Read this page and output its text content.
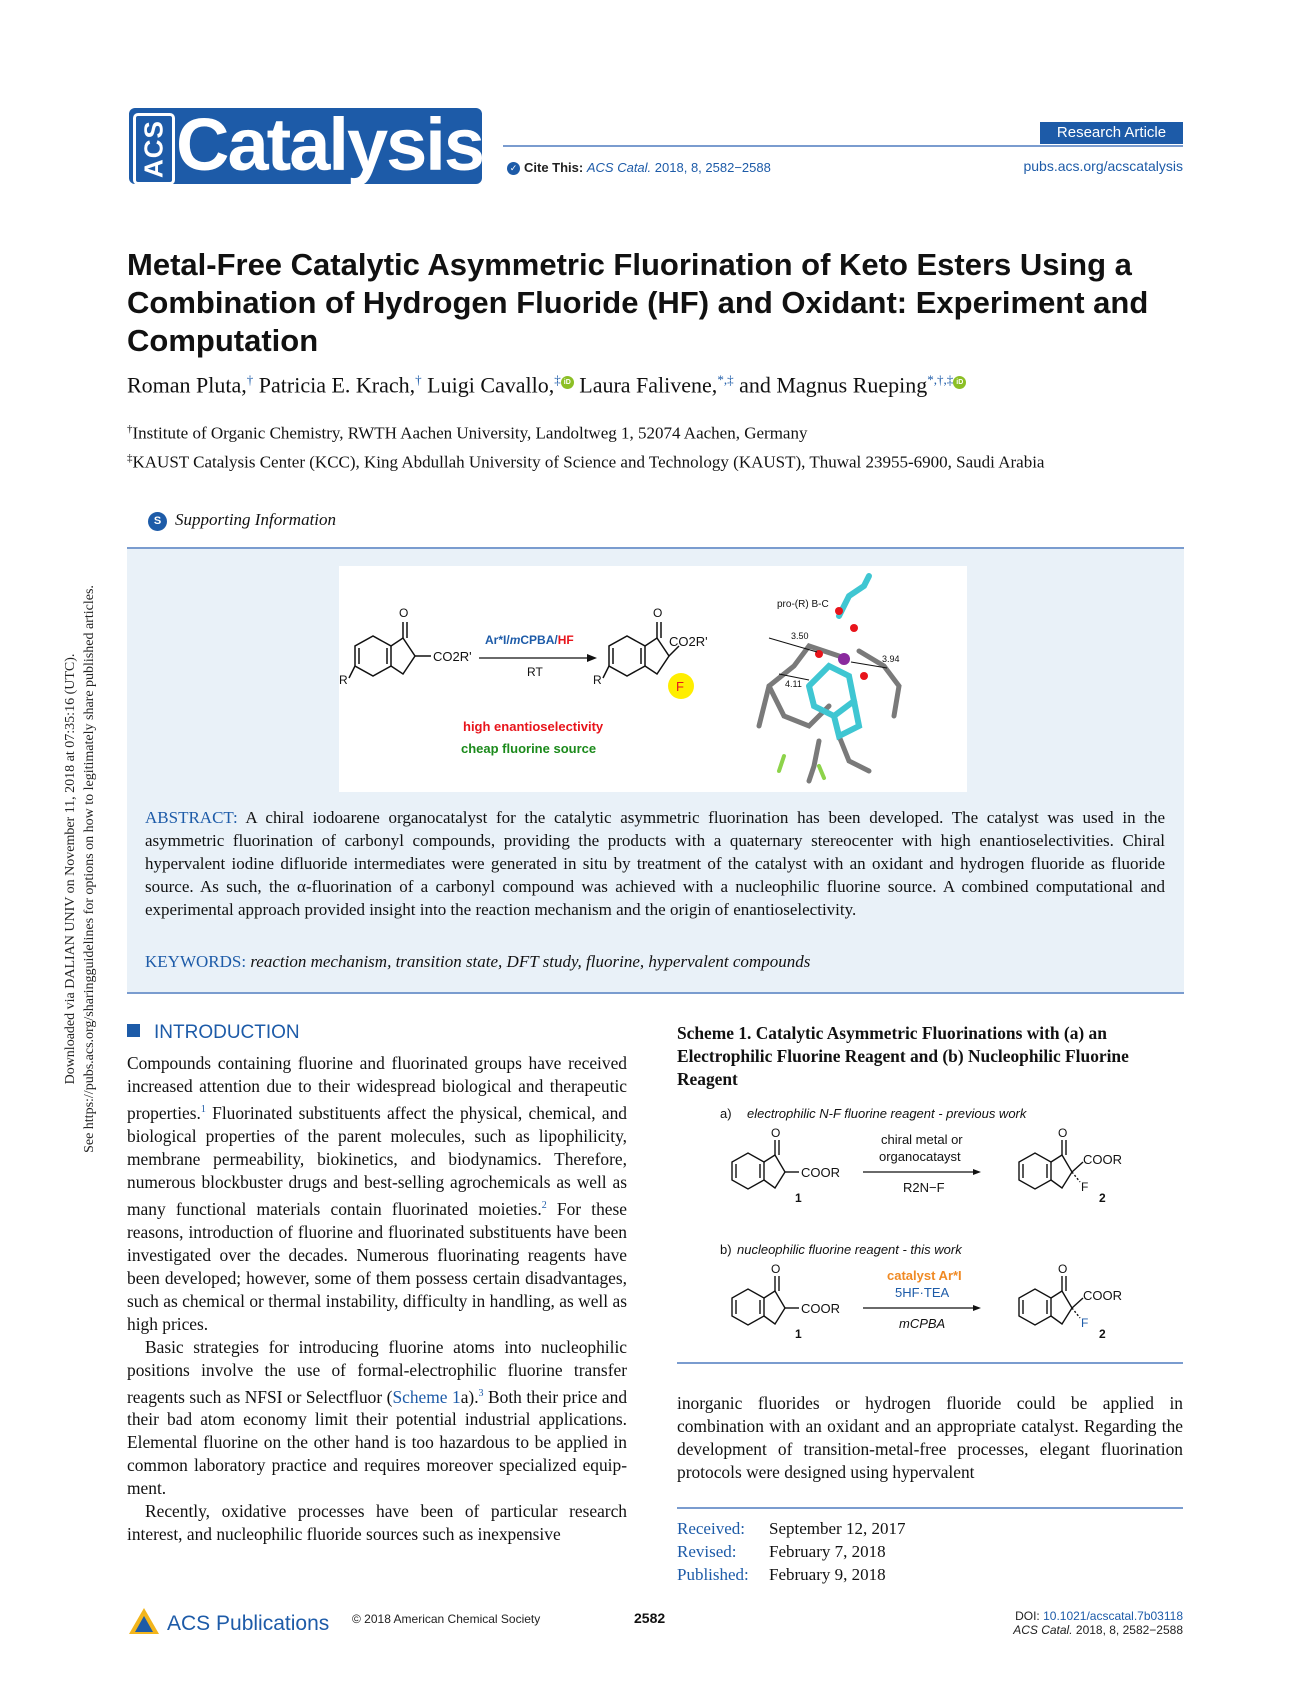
Downloaded via DALIAN UNIV on November 11, 2018 at 07:35:16 (UTC). See https://pubs.acs.org/sharingguidelines for options on how to legitimately share published articles.
ACS Catalysis	Research Article
✓ Cite This: ACS Catal. 2018, 8, 2582−2588	pubs.acs.org/acscatalysis
Metal-Free Catalytic Asymmetric Fluorination of Keto Esters Using a Combination of Hydrogen Fluoride (HF) and Oxidant: Experiment and Computation
Roman Pluta,† Patricia E. Krach,† Luigi Cavallo,‡ iD Laura Falivene,*,‡ and Magnus Rueping*,†,‡ iD
†Institute of Organic Chemistry, RWTH Aachen University, Landoltweg 1, 52074 Aachen, Germany
‡KAUST Catalysis Center (KCC), King Abdullah University of Science and Technology (KAUST), Thuwal 23955-6900, Saudi Arabia
S Supporting Information
O
CO2R'
R
Ar*I/mCPBA/HF
RT
O
CO2R'
F
R
high enantioselectivity
cheap fluorine source
pro-(R) B-C
3.50
3.94
4.11
ABSTRACT: A chiral iodoarene organocatalyst for the catalytic asymmetric fluorination has been developed. The catalyst was used in the asymmetric fluorination of carbonyl compounds, providing the products with a quaternary stereocenter with high enantioselectivities. Chiral hypervalent iodine difluoride intermediates were generated in situ by treatment of the catalyst with an oxidant and hydrogen fluoride as fluoride source. As such, the α-fluorination of a carbonyl compound was achieved with a nucleophilic fluorine source. A combined computational and experimental approach provided insight into the reaction mechanism and the origin of enantioselectivity.
KEYWORDS: reaction mechanism, transition state, DFT study, fluorine, hypervalent compounds
INTRODUCTION

Compounds containing fluorine and fluorinated groups have received increased attention due to their widespread biological and therapeutic properties.$^1$ Fluorinated substituents affect the physical, chemical, and biological properties of the parent molecules, such as lipophilicity, membrane permeability, biokinetics, and biodynamics. Therefore, numerous blockbuster drugs and best-selling agrochemicals as well as many functional materials contain fluorinated moieties.$^2$ For these reasons, introduction of fluorine and fluorinated substituents have been investigated over the decades. Numerous fluorinating reagents have been developed; however, some of them possess certain disadvantages, such as chemical or thermal instability, difficulty in handling, as well as high prices.

Basic strategies for introducing fluorine atoms into nucleophilic positions involve the use of formal-electrophilic fluorine transfer reagents such as NFSI or Selectfluor (Scheme 1a).$^3$ Both their price and their bad atom economy limit their potential industrial applications. Elemental fluorine on the other hand is too hazardous to be applied in common laboratory practice and requires moreover specialized equip-ment.

Recently, oxidative processes have been of particular research interest, and nucleophilic fluoride sources such as inexpensive

Scheme 1. Catalytic Asymmetric Fluorinations with (a) an Electrophilic Fluorine Reagent and (b) Nucleophilic Fluorine Reagent
a) electrophilic N-F fluorine reagent - previous work
O
COOR
1
chiral metal or
organocatayst
R2N−F
O
COOR
F
2
b) nucleophilic fluorine reagent - this work
O
COOR
1
catalyst Ar*I
5HF·TEA
mCPBA
O
COOR
F
2
inorganic fluorides or hydrogen fluoride could be applied in combination with an oxidant and an appropriate catalyst. Regarding the development of transition-metal-free processes, elegant fluorination protocols were designed using hypervalent
Received: September 12, 2017
Revised: February 7, 2018
Published: February 9, 2018
ACS Publications © 2018 American Chemical Society	2582	DOI: 10.1021/acscatal.7b03118
ACS Catal. 2018, 8, 2582−2588
